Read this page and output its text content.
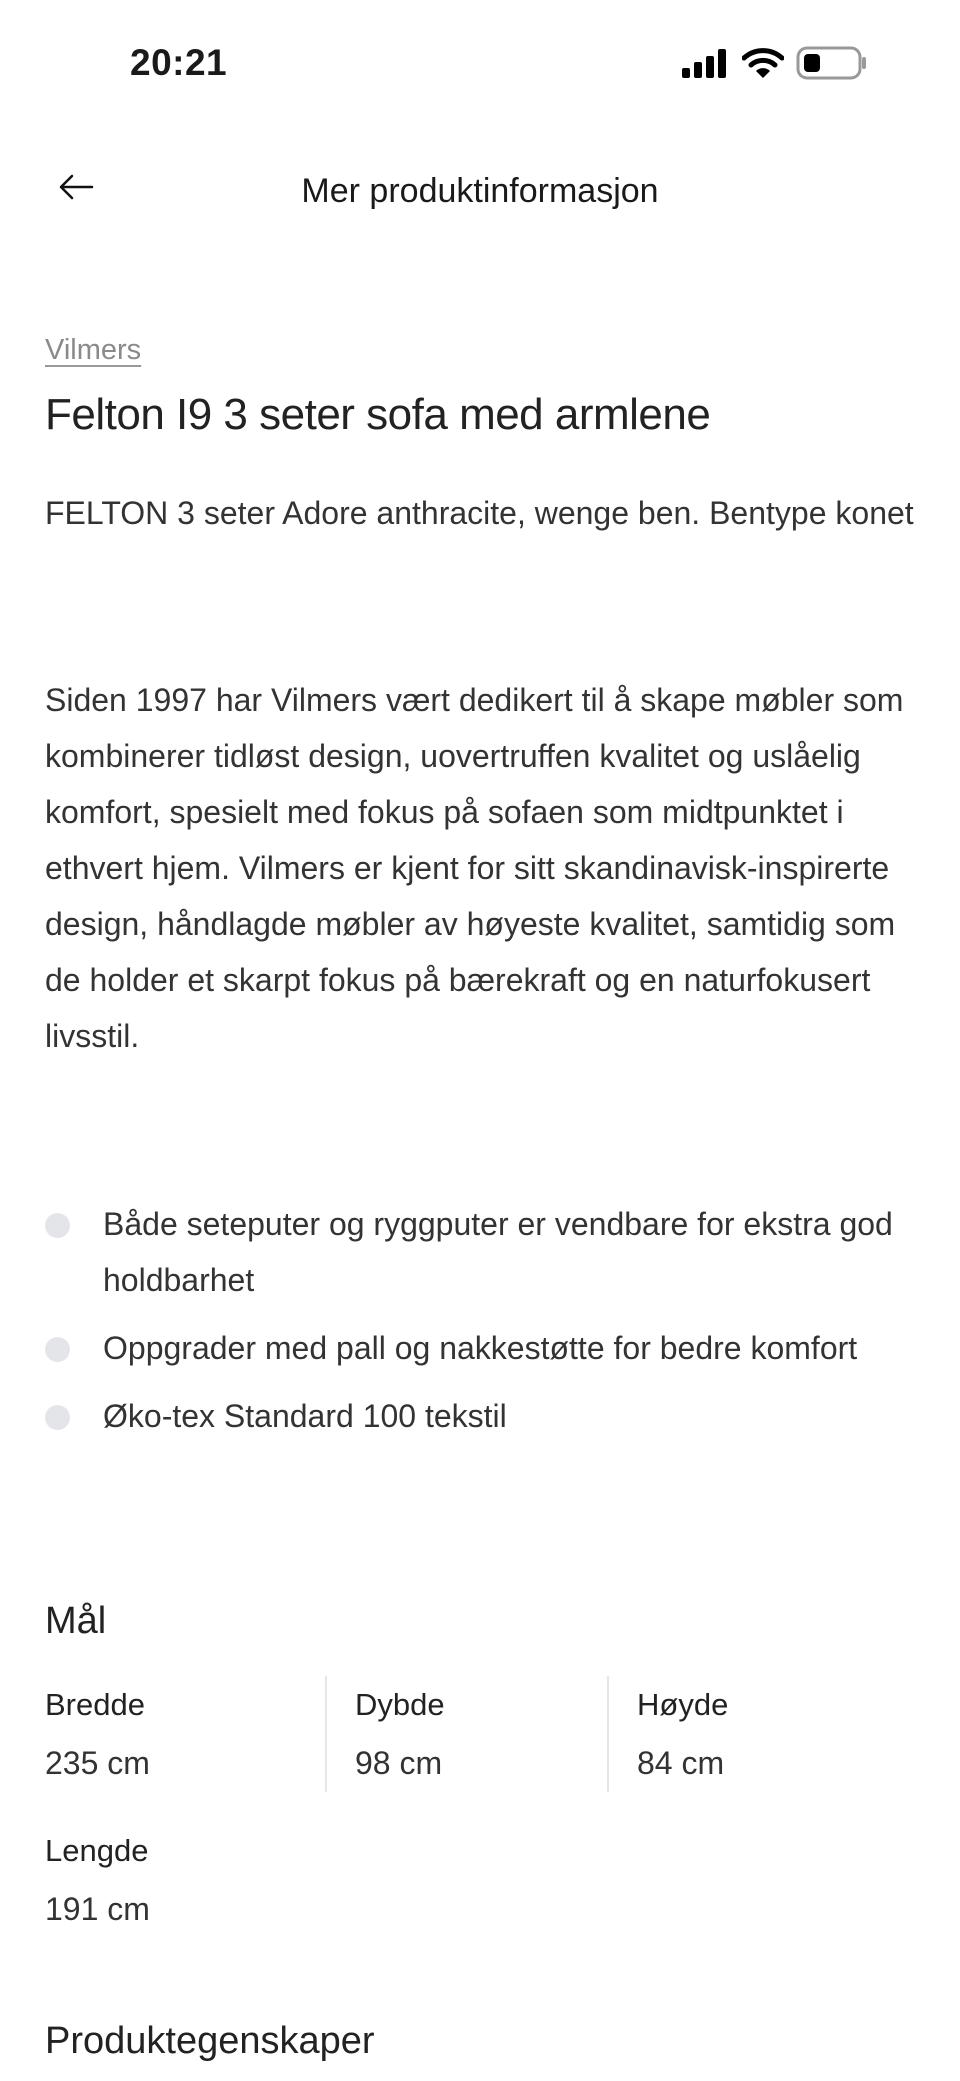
20:21
Mer produktinformasjon
Vilmers
Felton I9 3 seter sofa med armlene
FELTON 3 seter Adore anthracite, wenge ben. Bentype konet
Siden 1997 har Vilmers vært dedikert til å skape møbler som kombinerer tidløst design, uovertruffen kvalitet og uslåelig komfort, spesielt med fokus på sofaen som midtpunktet i ethvert hjem. Vilmers er kjent for sitt skandinavisk-inspirerte design, håndlagde møbler av høyeste kvalitet, samtidig som de holder et skarpt fokus på bærekraft og en naturfokusert livsstil.
Både seteputer og ryggputer er vendbare for ekstra god holdbarhet
Oppgrader med pall og nakkestøtte for bedre komfort
Øko-tex Standard 100 tekstil
Mål
Bredde
235 cm
Dybde
98 cm
Høyde
84 cm
Lengde
191 cm
Produktegenskaper
